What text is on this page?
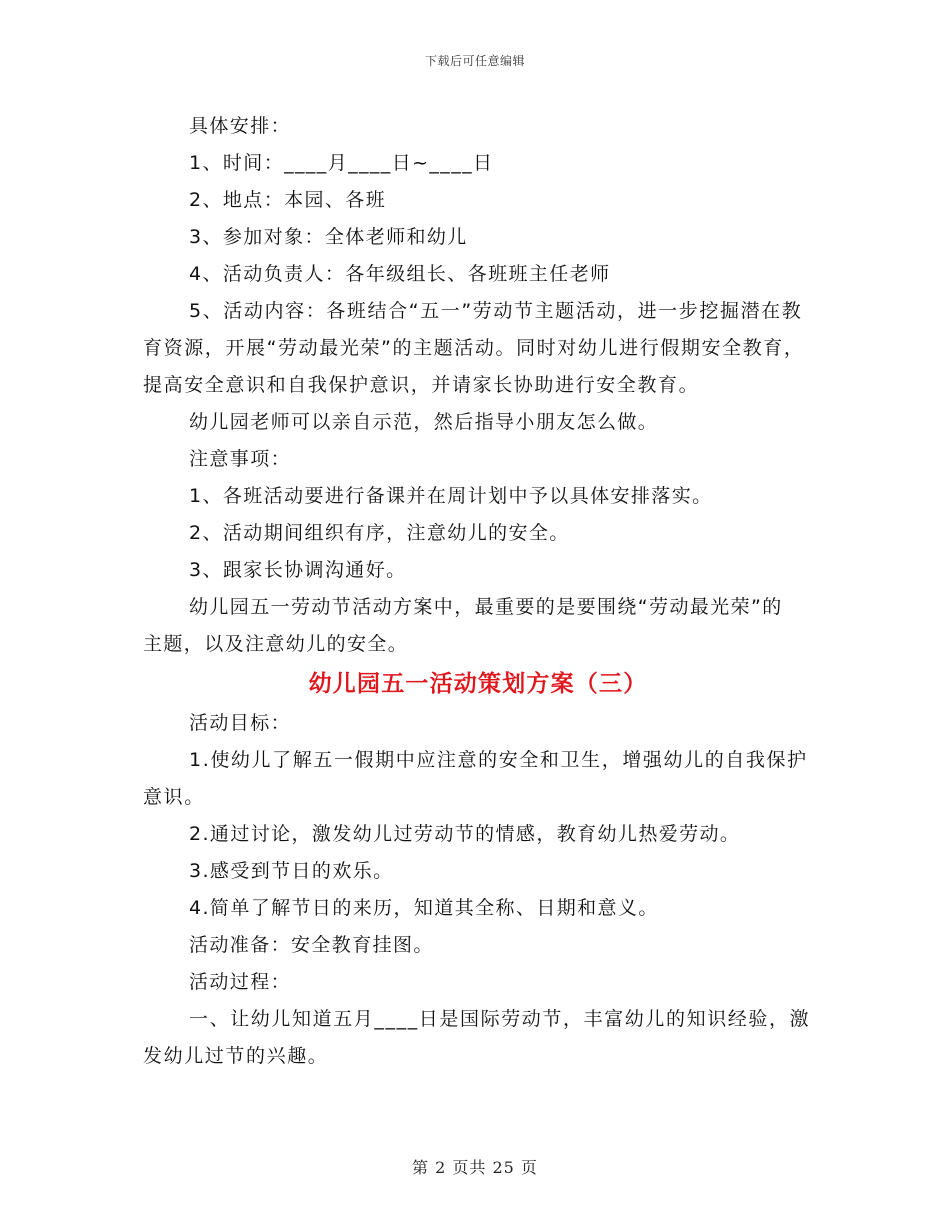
下载后可任意编辑

具体安排：

1、时间：____月____日~____日

2、地点：本园、各班

3、参加对象：全体老师和幼儿

4、活动负责人：各年级组长、各班班主任老师

5、活动内容：各班结合“五一”劳动节主题活动，进一步挖掘潜在教育资源，开展“劳动最光荣”的主题活动。同时对幼儿进行假期安全教育，提高安全意识和自我保护意识，并请家长协助进行安全教育。

幼儿园老师可以亲自示范，然后指导小朋友怎么做。

注意事项：

1、各班活动要进行备课并在周计划中予以具体安排落实。

2、活动期间组织有序，注意幼儿的安全。

3、跟家长协调沟通好。

幼儿园五一劳动节活动方案中，最重要的是要围绕“劳动最光荣”的主题，以及注意幼儿的安全。

幼儿园五一活动策划方案（三）

活动目标：

1.使幼儿了解五一假期中应注意的安全和卫生，增强幼儿的自我保护意识。

2.通过讨论，激发幼儿过劳动节的情感，教育幼儿热爱劳动。

3.感受到节日的欢乐。

4.简单了解节日的来历，知道其全称、日期和意义。

活动准备：安全教育挂图。

活动过程：

一、让幼儿知道五月____日是国际劳动节，丰富幼儿的知识经验，激发幼儿过节的兴趣。

第 2 页共 25 页
